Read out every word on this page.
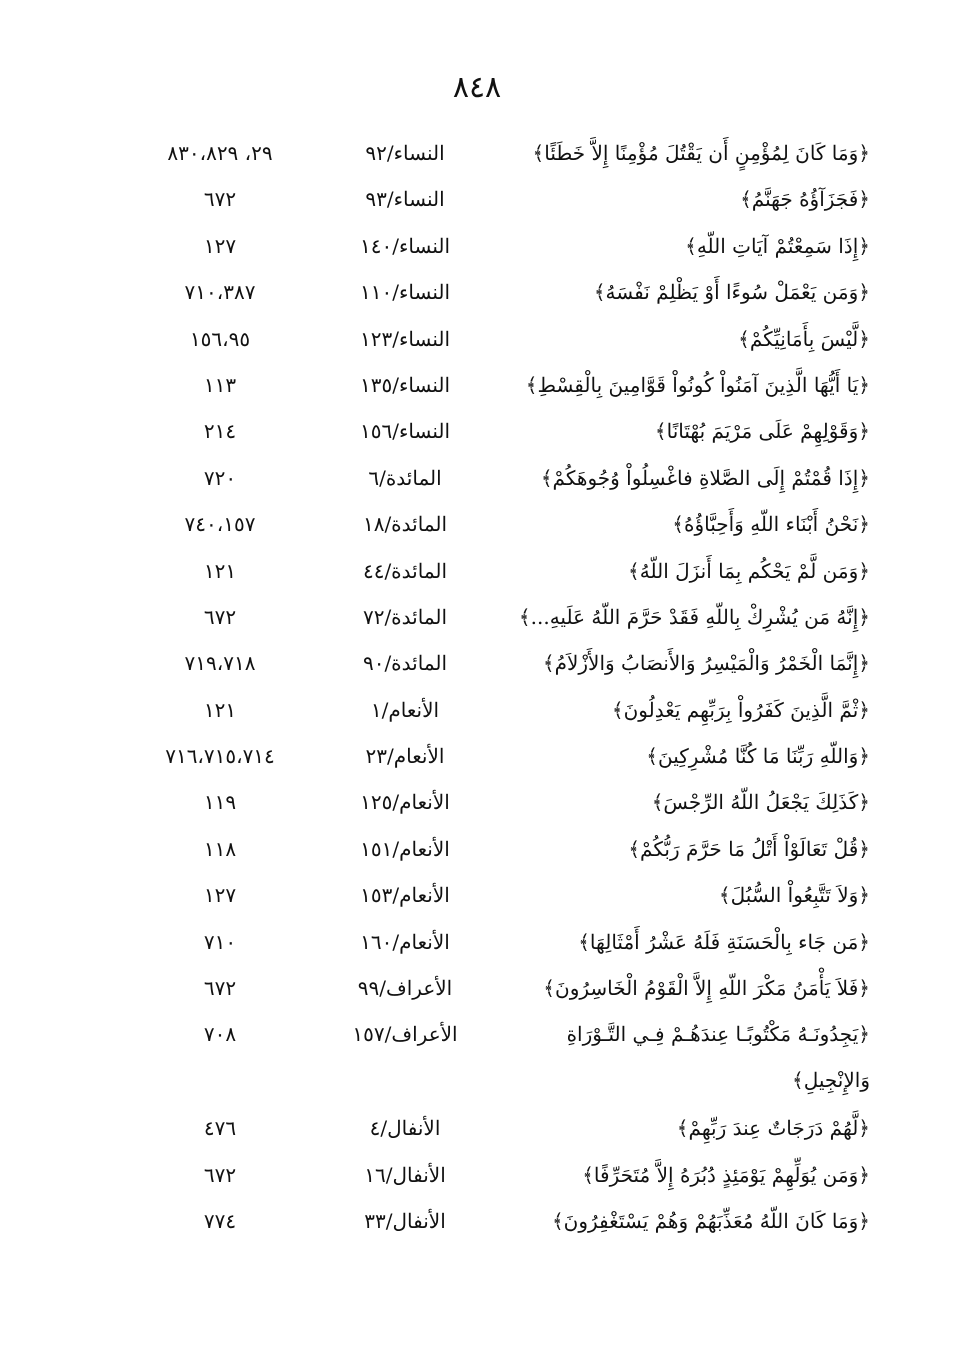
٨٤٨
﴿وَمَا كَانَ لِمُؤْمِنٍ أَن يَقْتُلَ مُؤْمِنًا إِلاَّ خَطَئًا﴾
النساء/٩٢
٢٩، ٨٣٠،٨٢٩
﴿فَجَزَآؤُهُ جَهَنَّمُ﴾
النساء/٩٣
٦٧٢
﴿إِذَا سَمِعْتُمْ آيَاتِ اللّهِ﴾
النساء/١٤٠
١٢٧
﴿وَمَن يَعْمَلْ سُوءًا أَوْ يَظْلِمْ نَفْسَهُ﴾
النساء/١١٠
٧١٠،٣٨٧
﴿لَّيْسَ بِأَمَانِيِّكُمْ﴾
النساء/١٢٣
١٥٦،٩٥
﴿يَا أَيُّهَا الَّذِينَ آمَنُواْ كُونُواْ قَوَّامِينَ بِالْقِسْطِ﴾
النساء/١٣٥
١١٣
﴿وَقَوْلِهِمْ عَلَى مَرْيَمَ بُهْتَانًا﴾
النساء/١٥٦
٢١٤
﴿إِذَا قُمْتُمْ إِلَى الصَّلاةِ فاغْسِلُواْ وُجُوهَكُمْ﴾
المائدة/٦
٧٢٠
﴿نَحْنُ أَبْنَاء اللّهِ وَأَحِبَّاؤُهُ﴾
المائدة/١٨
٧٤٠،١٥٧
﴿وَمَن لَّمْ يَحْكُم بِمَا أَنزَلَ اللّهُ﴾
المائدة/٤٤
١٢١
﴿إِنَّهُ مَن يُشْرِكْ بِاللّهِ فَقَدْ حَرَّمَ اللّهُ عَلَيهِ...﴾
المائدة/٧٢
٦٧٢
﴿إِنَّمَا الْخَمْرُ وَالْمَيْسِرُ وَالأَنصَابُ وَالأَزْلاَمُ﴾
المائدة/٩٠
٧١٩،٧١٨
﴿ثْمَّ الَّذِينَ كَفَرُواْ بِرَبِّهِم يَعْدِلُونَ﴾
الأنعام/١
١٢١
﴿وَاللّهِ رَبِّنَا مَا كُنَّا مُشْرِكِينَ﴾
الأنعام/٢٣
٧١٦،٧١٥،٧١٤
﴿كَذَلِكَ يَجْعَلُ اللّهُ الرِّجْسَ﴾
الأنعام/١٢٥
١١٩
﴿قُلْ تَعَالَوْاْ أَتْلُ مَا حَرَّمَ رَبُّكُمْ﴾
الأنعام/١٥١
١١٨
﴿وَلاَ تَتَّبِعُواْ السُّبُلَ﴾
الأنعام/١٥٣
١٢٧
﴿مَن جَاء بِالْحَسَنَةِ فَلَهُ عَشْرُ أَمْثَالِهَا﴾
الأنعام/١٦٠
٧١٠
﴿فَلاَ يَأْمَنُ مَكْرَ اللّهِ إِلاَّ الْقَوْمُ الْخَاسِرُونَ﴾
الأعراف/٩٩
٦٧٢
﴿يَجِدُونَـهُ مَكْتُوبًـا عِندَهُـمْ فِـي التَّـوْرَاةِ وَالإِنْجِيلِ﴾
الأعراف/١٥٧
٧٠٨
﴿لَّهُمْ دَرَجَاتٌ عِندَ رَبِّهِمْ﴾
الأنفال/٤
٤٧٦
﴿وَمَن يُوَلِّهِمْ يَوْمَئِذٍ دُبُرَهُ إِلاَّ مُتَحَرِّفًا﴾
الأنفال/١٦
٦٧٢
﴿وَمَا كَانَ اللّهُ مُعَذِّبَهُمْ وَهُمْ يَسْتَغْفِرُونَ﴾
الأنفال/٣٣
٧٧٤
